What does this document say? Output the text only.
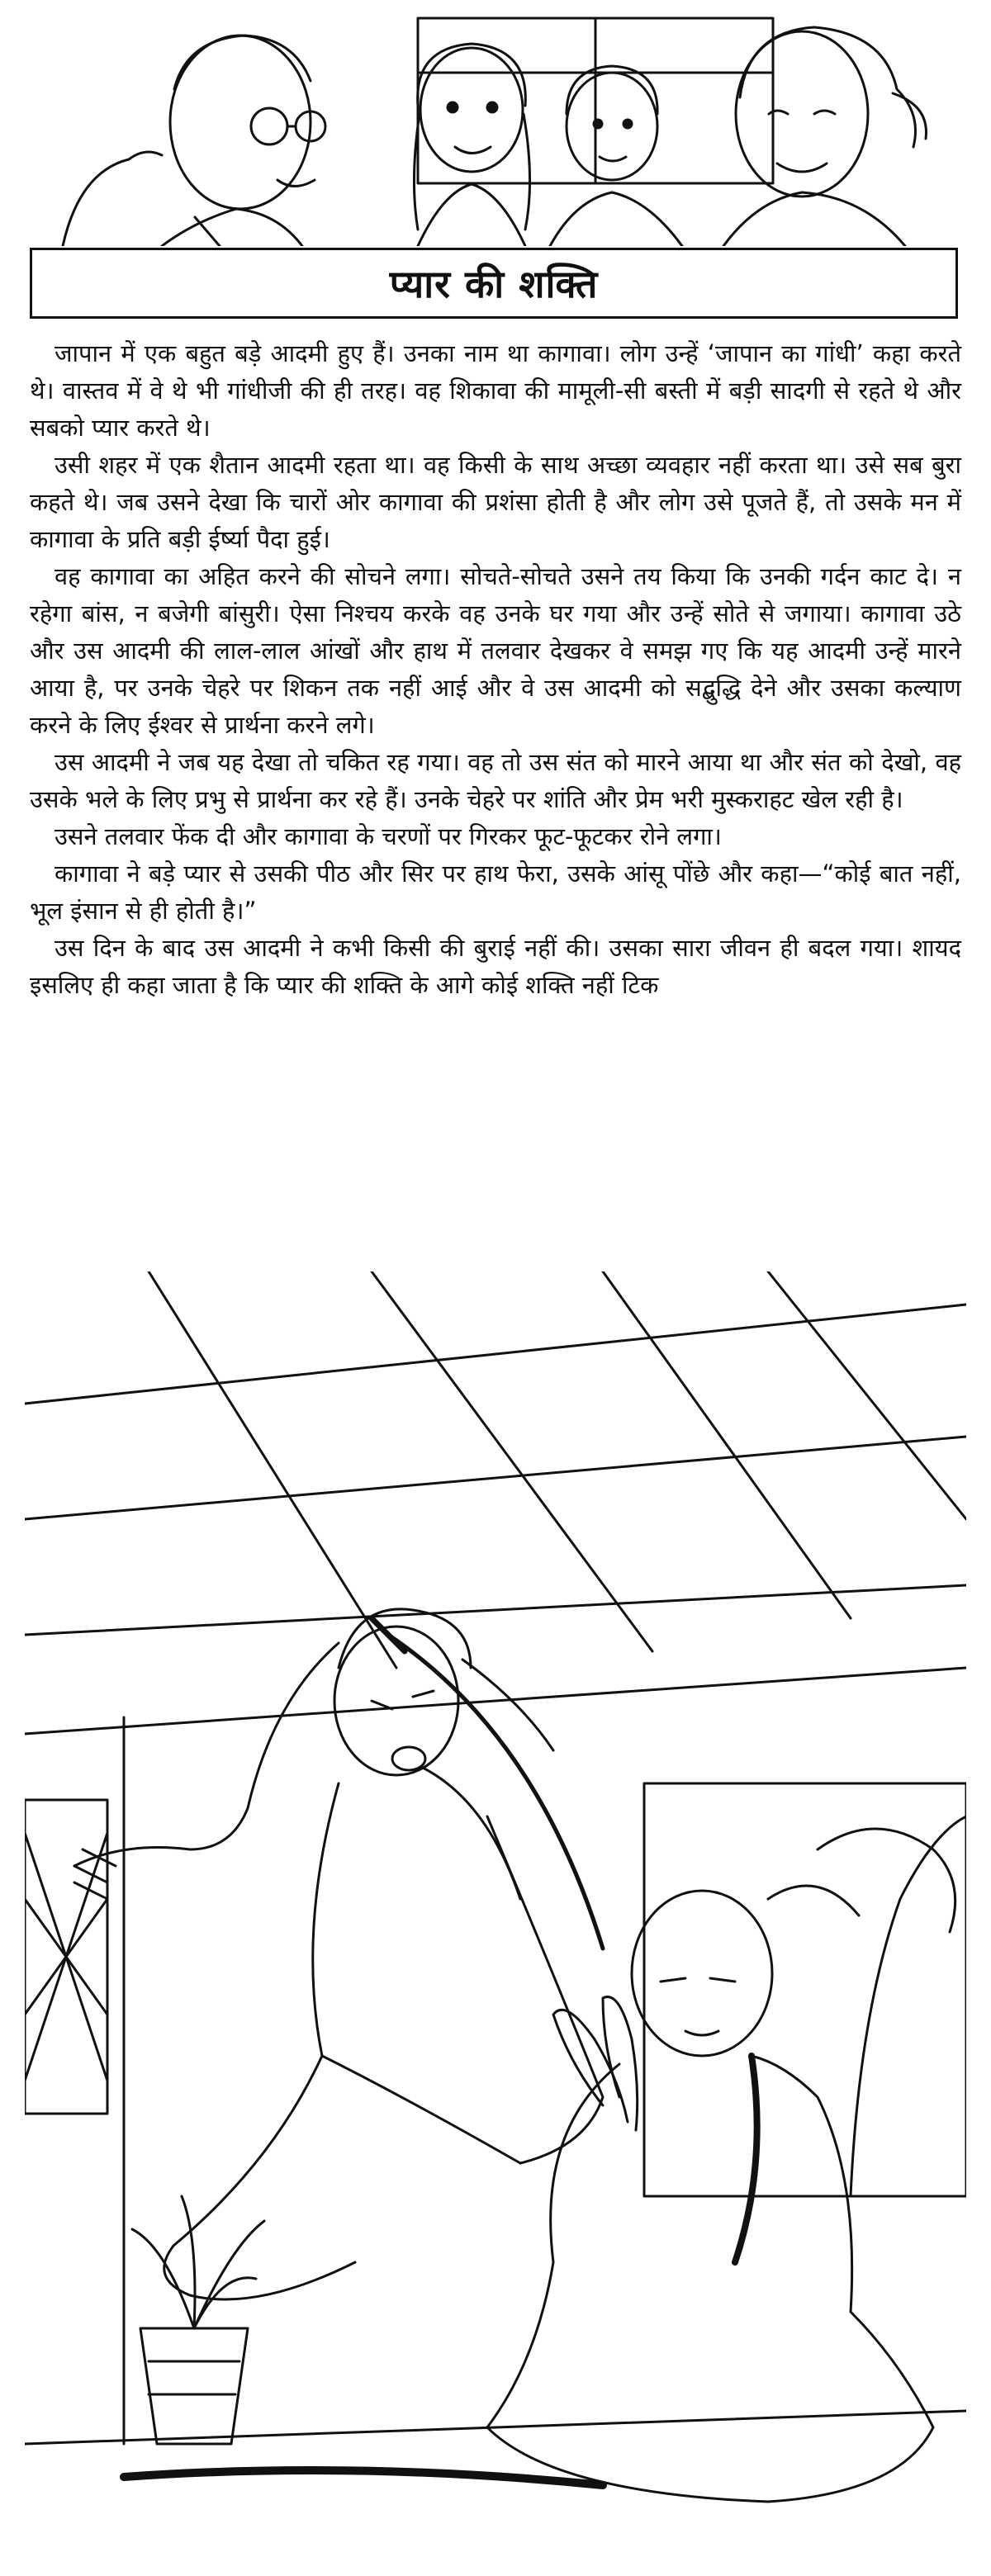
प्यार की शक्ति

जापान में एक बहुत बड़े आदमी हुए हैं। उनका नाम था कागावा। लोग उन्हें ‘जापान का गांधी’ कहा करते थे। वास्तव में वे थे भी गांधीजी की ही तरह। वह शिकावा की मामूली-सी बस्ती में बड़ी सादगी से रहते थे और सबको प्यार करते थे।

उसी शहर में एक शैतान आदमी रहता था। वह किसी के साथ अच्छा व्यवहार नहीं करता था। उसे सब बुरा कहते थे। जब उसने देखा कि चारों ओर कागावा की प्रशंसा होती है और लोग उसे पूजते हैं, तो उसके मन में कागावा के प्रति बड़ी ईर्ष्या पैदा हुई।

वह कागावा का अहित करने की सोचने लगा। सोचते-सोचते उसने तय किया कि उनकी गर्दन काट दे। न रहेगा बांस, न बजेगी बांसुरी। ऐसा निश्चय करके वह उनके घर गया और उन्हें सोते से जगाया। कागावा उठे और उस आदमी की लाल-लाल आंखों और हाथ में तलवार देखकर वे समझ गए कि यह आदमी उन्हें मारने आया है, पर उनके चेहरे पर शिकन तक नहीं आई और वे उस आदमी को सद्बुद्धि देने और उसका कल्याण करने के लिए ईश्वर से प्रार्थना करने लगे।

उस आदमी ने जब यह देखा तो चकित रह गया। वह तो उस संत को मारने आया था और संत को देखो, वह उसके भले के लिए प्रभु से प्रार्थना कर रहे हैं। उनके चेहरे पर शांति और प्रेम भरी मुस्कराहट खेल रही है।

उसने तलवार फेंक दी और कागावा के चरणों पर गिरकर फूट-फूटकर रोने लगा।

कागावा ने बड़े प्यार से उसकी पीठ और सिर पर हाथ फेरा, उसके आंसू पोंछे और कहा—“कोई बात नहीं, भूल इंसान से ही होती है।”

उस दिन के बाद उस आदमी ने कभी किसी की बुराई नहीं की। उसका सारा जीवन ही बदल गया। शायद इसलिए ही कहा जाता है कि प्यार की शक्ति के आगे कोई शक्ति नहीं टिक
